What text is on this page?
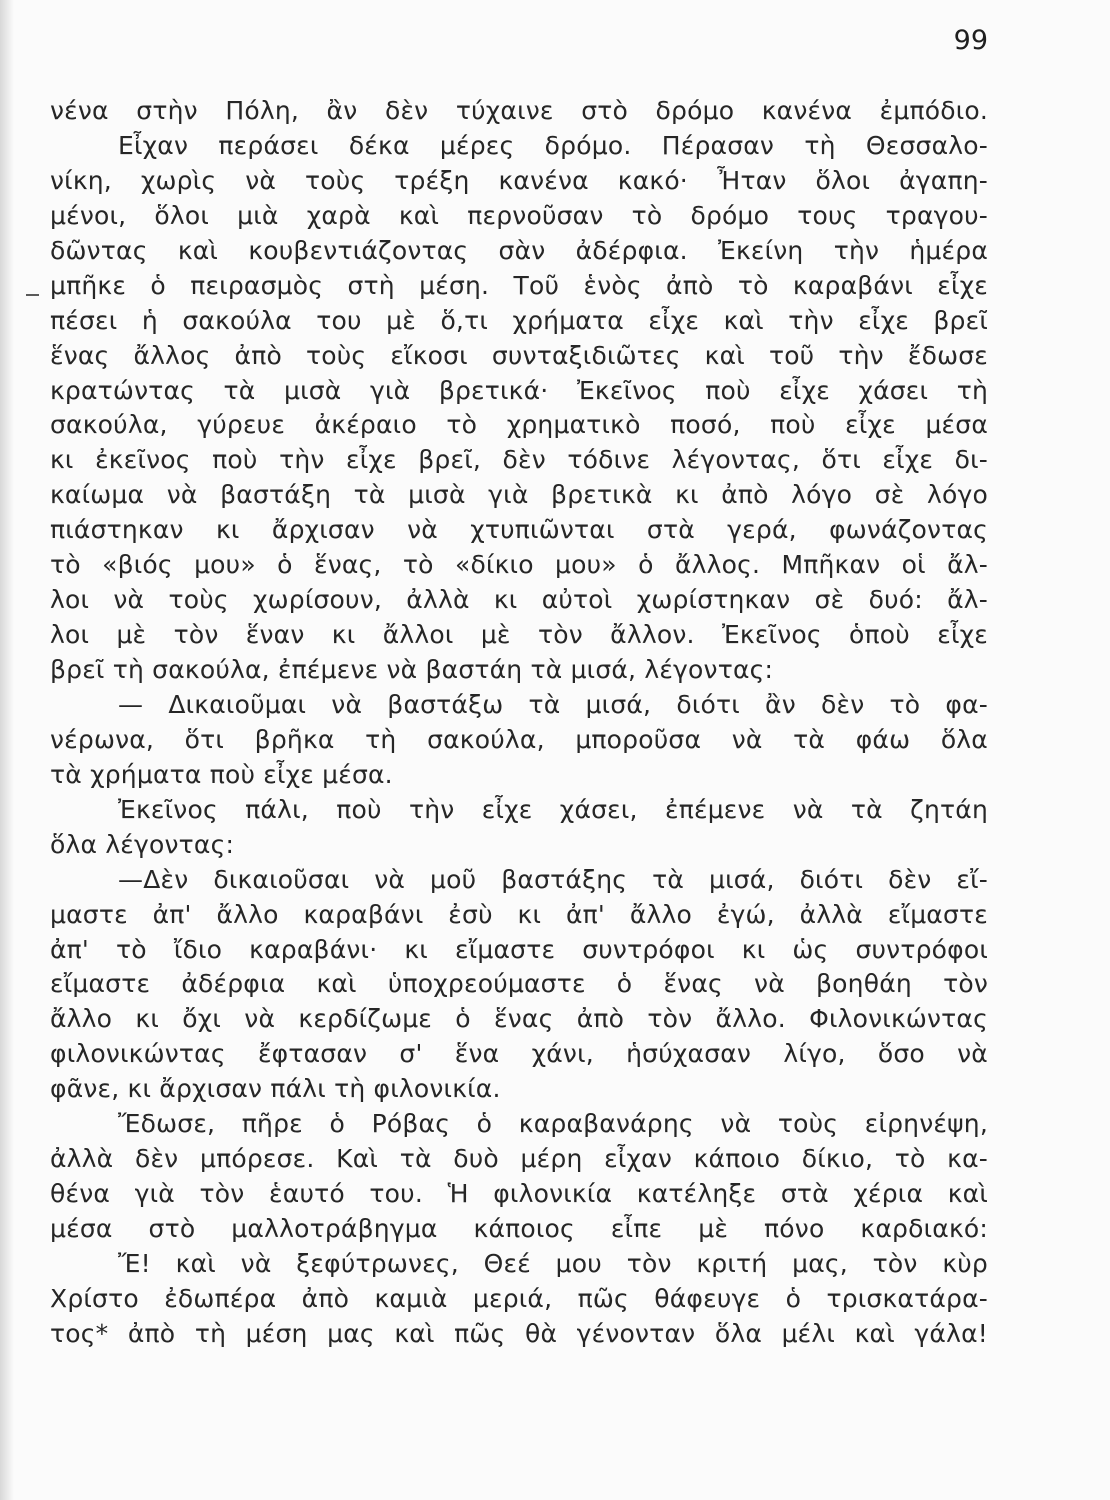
99
νένα στὴν Πόλη, ἂν δὲν τύχαινε στὸ δρόμο κανένα ἐμπόδιο.
Εἶχαν περάσει δέκα μέρες δρόμο. Πέρασαν τὴ Θεσσαλο-
νίκη, χωρὶς νὰ τοὺς τρέξη κανένα κακό· Ἦταν ὅλοι ἀγαπη-
μένοι, ὅλοι μιὰ χαρὰ καὶ περνοῦσαν τὸ δρόμο τους τραγου-
δῶντας καὶ κουβεντιάζοντας σὰν ἀδέρφια. Ἐκείνη τὴν ἡμέρα
μπῆκε ὁ πειρασμὸς στὴ μέση. Τοῦ ἑνὸς ἀπὸ τὸ καραβάνι εἶχε
πέσει ἡ σακούλα του μὲ ὅ,τι χρήματα εἶχε καὶ τὴν εἶχε βρεῖ
ἕνας ἄλλος ἀπὸ τοὺς εἴκοσι συνταξιδιῶτες καὶ τοῦ τὴν ἔδωσε
κρατώντας τὰ μισὰ γιὰ βρετικά· Ἐκεῖνος ποὺ εἶχε χάσει τὴ
σακούλα, γύρευε ἀκέραιο τὸ χρηματικὸ ποσό, ποὺ εἶχε μέσα
κι ἐκεῖνος ποὺ τὴν εἶχε βρεῖ, δὲν τόδινε λέγοντας, ὅτι εἶχε δι-
καίωμα νὰ βαστάξη τὰ μισὰ γιὰ βρετικὰ κι ἀπὸ λόγο σὲ λόγο
πιάστηκαν κι ἄρχισαν νὰ χτυπιῶνται στὰ γερά, φωνάζοντας
τὸ «βιός μου» ὁ ἕνας, τὸ «δίκιο μου» ὁ ἄλλος. Μπῆκαν οἱ ἄλ-
λοι νὰ τοὺς χωρίσουν, ἀλλὰ κι αὐτοὶ χωρίστηκαν σὲ δυό: ἄλ-
λοι μὲ τὸν ἕναν κι ἄλλοι μὲ τὸν ἄλλον. Ἐκεῖνος ὁποὺ εἶχε
βρεῖ τὴ σακούλα, ἐπέμενε νὰ βαστάη τὰ μισά, λέγοντας:
— Δικαιοῦμαι νὰ βαστάξω τὰ μισά, διότι ἂν δὲν τὸ φα-
νέρωνα, ὅτι βρῆκα τὴ σακούλα, μποροῦσα νὰ τὰ φάω ὅλα
τὰ χρήματα ποὺ εἶχε μέσα.
Ἐκεῖνος πάλι, ποὺ τὴν εἶχε χάσει, ἐπέμενε νὰ τὰ ζητάη
ὅλα λέγοντας:
—Δὲν δικαιοῦσαι νὰ μοῦ βαστάξης τὰ μισά, διότι δὲν εἴ-
μαστε ἀπ' ἄλλο καραβάνι ἐσὺ κι ἀπ' ἄλλο ἐγώ, ἀλλὰ εἴμαστε
ἀπ' τὸ ἴδιο καραβάνι· κι εἴμαστε συντρόφοι κι ὡς συντρόφοι
εἴμαστε ἀδέρφια καὶ ὑποχρεούμαστε ὁ ἕνας νὰ βοηθάη τὸν
ἄλλο κι ὄχι νὰ κερδίζωμε ὁ ἕνας ἀπὸ τὸν ἄλλο. Φιλονικώντας
φιλονικώντας ἔφτασαν σ' ἕνα χάνι, ἡσύχασαν λίγο, ὅσο νὰ
φᾶνε, κι ἄρχισαν πάλι τὴ φιλονικία.
Ἔδωσε, πῆρε ὁ Ρόβας ὁ καραβανάρης νὰ τοὺς εἰρηνέψη,
ἀλλὰ δὲν μπόρεσε. Καὶ τὰ δυὸ μέρη εἶχαν κάποιο δίκιο, τὸ κα-
θένα γιὰ τὸν ἑαυτό του. Ἡ φιλονικία κατέληξε στὰ χέρια καὶ
μέσα στὸ μαλλοτράβηγμα κάποιος εἶπε μὲ πόνο καρδιακό:
Ἔ! καὶ νὰ ξεφύτρωνες, Θεέ μου τὸν κριτή μας, τὸν κὺρ
Χρίστο ἐδωπέρα ἀπὸ καμιὰ μεριά, πῶς θάφευγε ὁ τρισκατάρα-
τος* ἀπὸ τὴ μέση μας καὶ πῶς θὰ γένονταν ὅλα μέλι καὶ γάλα!
